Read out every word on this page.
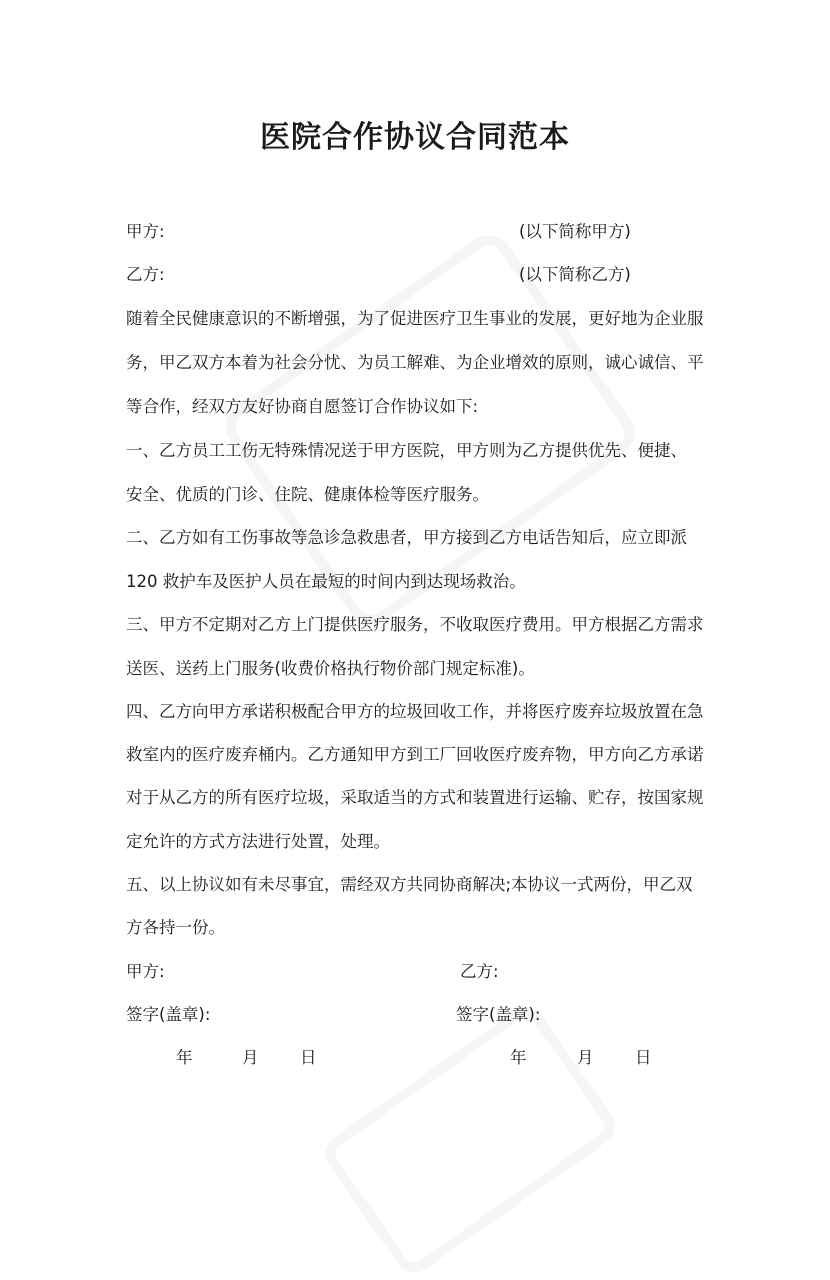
医院合作协议合同范本
甲方:	(以下简称甲方)
乙方:	(以下简称乙方)
随着全民健康意识的不断增强，为了促进医疗卫生事业的发展，更好地为企业服
务，甲乙双方本着为社会分忧、为员工解难、为企业增效的原则，诚心诚信、平
等合作，经双方友好协商自愿签订合作协议如下:
一、乙方员工工伤无特殊情况送于甲方医院，甲方则为乙方提供优先、便捷、
安全、优质的门诊、住院、健康体检等医疗服务。
二、乙方如有工伤事故等急诊急救患者，甲方接到乙方电话告知后，应立即派
120 救护车及医护人员在最短的时间内到达现场救治。
三、甲方不定期对乙方上门提供医疗服务，不收取医疗费用。甲方根据乙方需求
送医、送药上门服务(收费价格执行物价部门规定标准)。
四、乙方向甲方承诺积极配合甲方的垃圾回收工作，并将医疗废弃垃圾放置在急
救室内的医疗废弃桶内。乙方通知甲方到工厂回收医疗废弃物，甲方向乙方承诺
对于从乙方的所有医疗垃圾，采取适当的方式和装置进行运输、贮存，按国家规
定允许的方式方法进行处置，处理。
五、以上协议如有未尽事宜，需经双方共同协商解决;本协议一式两份，甲乙双
方各持一份。
甲方:	乙方:
签字(盖章):	签字(盖章):
年	月	日	年	月	日
